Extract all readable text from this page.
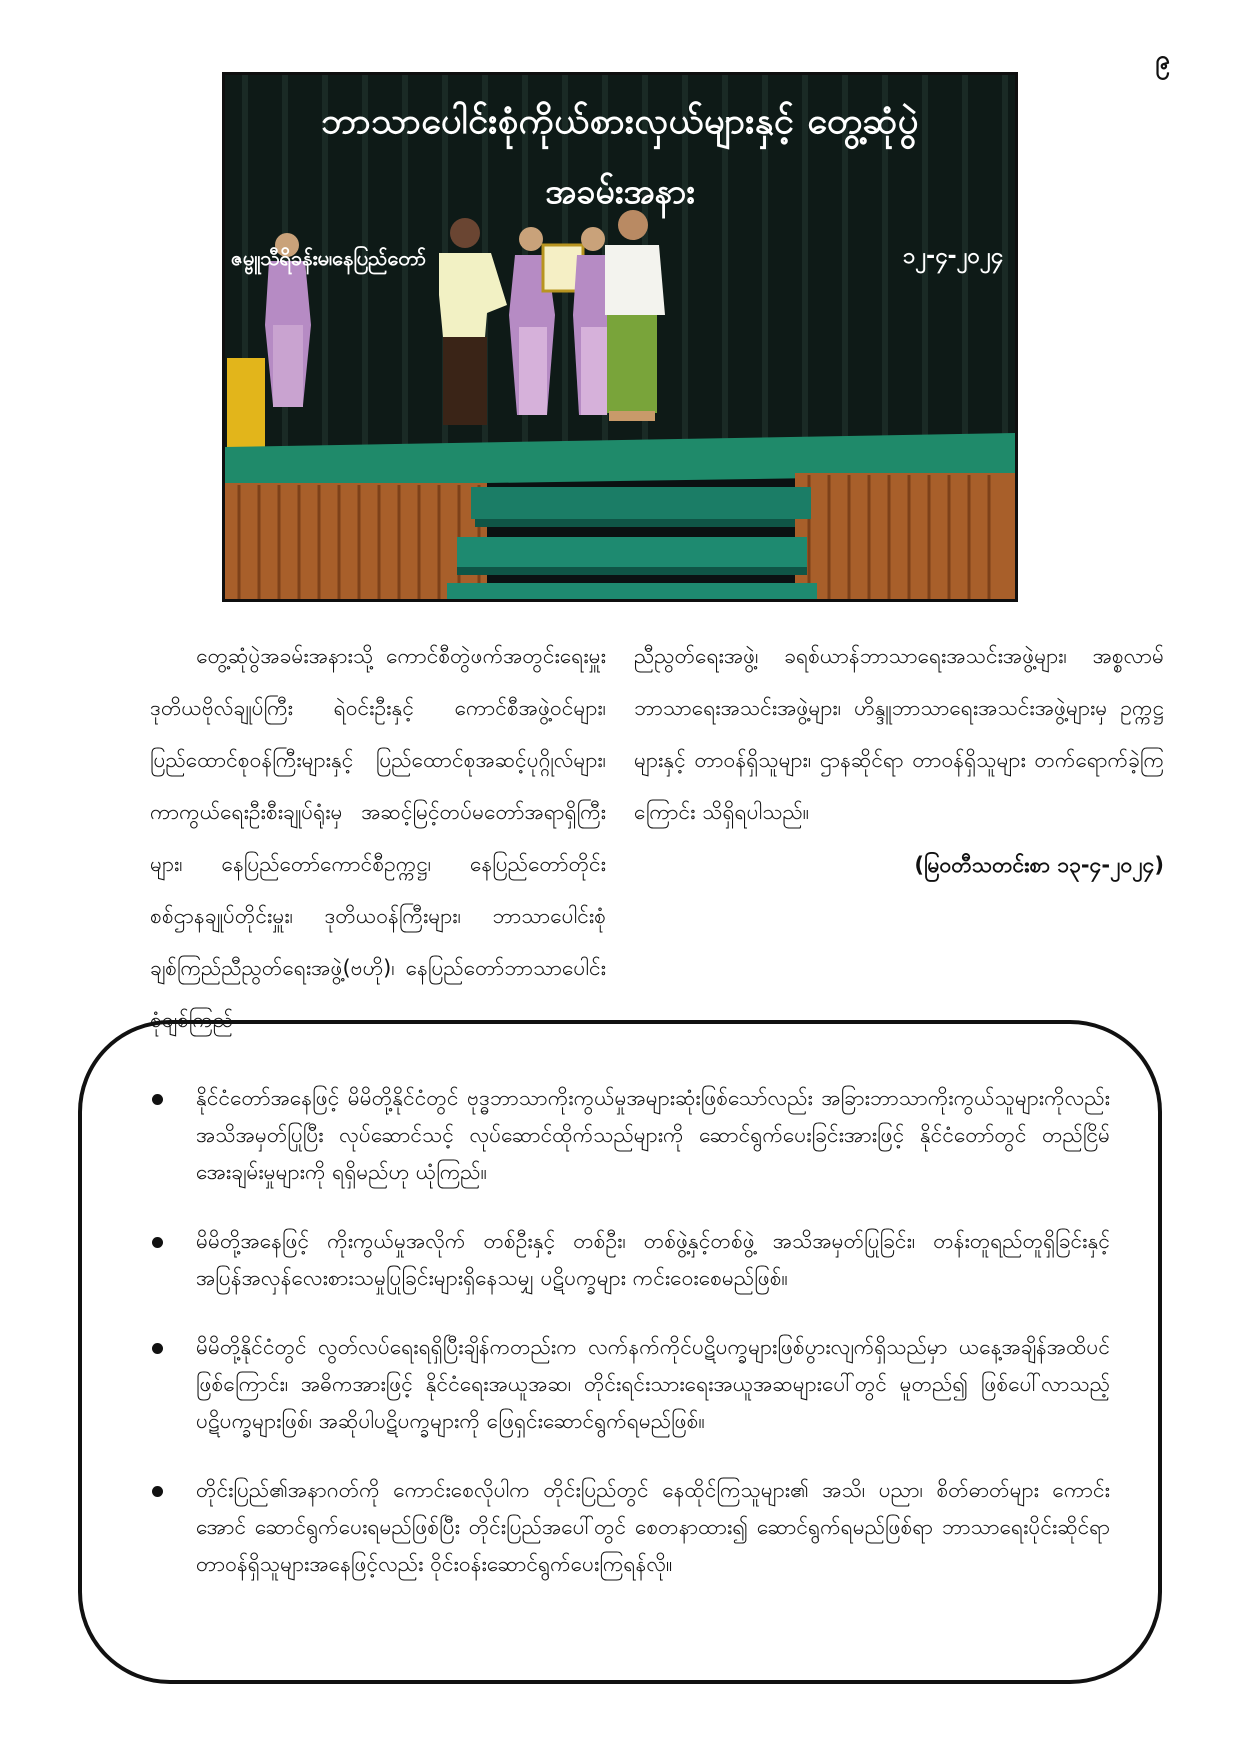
၉
ဘာသာပေါင်းစုံကိုယ်စားလှယ်များနှင့် တွေ့ဆုံပွဲ
အခမ်းအနား
ဇမ္ဗူသီရိခန်းမ၊နေပြည်တော်	၁၂-၄-၂၀၂၄
တွေ့ဆုံပွဲအခမ်းအနားသို့ ကောင်စီတွဲဖက်အတွင်းရေးမှူး ဒုတိယဗိုလ်ချုပ်ကြီး ရဲဝင်းဦးနှင့် ကောင်စီအဖွဲ့ဝင်များ၊ ပြည်ထောင်စုဝန်ကြီးများနှင့် ပြည်ထောင်စုအဆင့်ပုဂ္ဂိုလ်များ၊ ကာကွယ်ရေးဦးစီးချုပ်ရုံးမှ အဆင့်မြင့်တပ်မတော်အရာရှိကြီးများ၊ နေပြည်တော်ကောင်စီဥက္ကဋ္ဌ၊ နေပြည်တော်တိုင်းစစ်ဌာနချုပ်တိုင်းမှူး၊ ဒုတိယဝန်ကြီးများ၊ ဘာသာပေါင်းစုံချစ်ကြည်ညီညွတ်ရေးအဖွဲ့(ဗဟို)၊ နေပြည်တော်ဘာသာပေါင်းစုံချစ်ကြည်
ညီညွတ်ရေးအဖွဲ့၊ ခရစ်ယာန်ဘာသာရေးအသင်းအဖွဲ့များ၊ အစ္စလာမ်ဘာသာရေးအသင်းအဖွဲ့များ၊ ဟိန္ဒူဘာသာရေးအသင်းအဖွဲ့များမှ ဥက္ကဋ္ဌများနှင့် တာဝန်ရှိသူများ၊ ဌာနဆိုင်ရာ တာဝန်ရှိသူများ တက်ရောက်ခဲ့ကြကြောင်း သိရှိရပါသည်။
(မြဝတီသတင်းစာ ၁၃-၄-၂၀၂၄)
နိုင်ငံတော်အနေဖြင့် မိမိတို့နိုင်ငံတွင် ဗုဒ္ဓဘာသာကိုးကွယ်မှုအများဆုံးဖြစ်သော်လည်း အခြားဘာသာကိုးကွယ်သူများကိုလည်း အသိအမှတ်ပြုပြီး လုပ်ဆောင်သင့် လုပ်ဆောင်ထိုက်သည်များကို ဆောင်ရွက်ပေးခြင်းအားဖြင့် နိုင်ငံတော်တွင် တည်ငြိမ်အေးချမ်းမှုများကို ရရှိမည်ဟု ယုံကြည်။
မိမိတို့အနေဖြင့် ကိုးကွယ်မှုအလိုက် တစ်ဦးနှင့် တစ်ဦး၊ တစ်ဖွဲ့နှင့်တစ်ဖွဲ့ အသိအမှတ်ပြုခြင်း၊ တန်းတူရည်တူရှိခြင်းနှင့် အပြန်အလှန်လေးစားသမှုပြုခြင်းများရှိနေသမျှ ပဋိပက္ခများ ကင်းဝေးစေမည်ဖြစ်။
မိမိတို့နိုင်ငံတွင် လွတ်လပ်ရေးရရှိပြီးချိန်ကတည်းက လက်နက်ကိုင်ပဋိပက္ခများဖြစ်ပွားလျက်ရှိသည်မှာ ယနေ့အချိန်အထိပင်ဖြစ်ကြောင်း၊ အဓိကအားဖြင့် နိုင်ငံရေးအယူအဆ၊ တိုင်းရင်းသားရေးအယူအဆများပေါ်တွင် မူတည်၍ ဖြစ်ပေါ်လာသည့် ပဋိပက္ခများဖြစ်၊ အဆိုပါပဋိပက္ခများကို ဖြေရှင်းဆောင်ရွက်ရမည်ဖြစ်။
တိုင်းပြည်၏အနာဂတ်ကို ကောင်းစေလိုပါက တိုင်းပြည်တွင် နေထိုင်ကြသူများ၏ အသိ၊ ပညာ၊ စိတ်ဓာတ်များ ကောင်းအောင် ဆောင်ရွက်ပေးရမည်ဖြစ်ပြီး တိုင်းပြည်အပေါ်တွင် စေတနာထား၍ ဆောင်ရွက်ရမည်ဖြစ်ရာ ဘာသာရေးပိုင်းဆိုင်ရာ တာဝန်ရှိသူများအနေဖြင့်လည်း ဝိုင်းဝန်းဆောင်ရွက်ပေးကြရန်လို။
